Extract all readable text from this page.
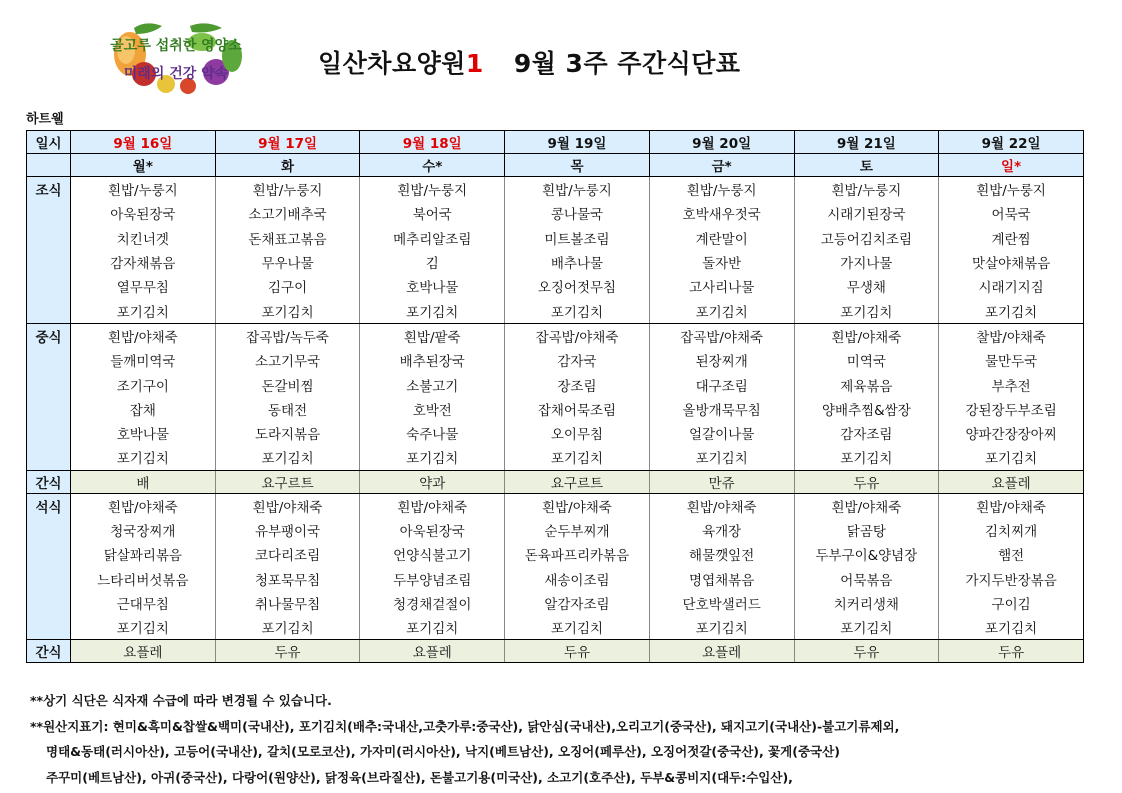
골고루 섭취한 영양소
미래의 건강 약속	일산차요양원1 9월 3주 주간식단표
하트웰
일시	9월 16일	9월 17일	9월 18일	9월 19일	9월 20일	9월 21일	9월 22일
	월*	화	수*	목	금*	토	일*
조식	흰밥/누룽지	흰밥/누룽지	흰밥/누룽지	흰밥/누룽지	흰밥/누룽지	흰밥/누룽지	흰밥/누룽지
	아욱된장국	소고기배추국	북어국	콩나물국	호박새우젓국	시래기된장국	어묵국
	치킨너겟	돈채표고볶음	메추리알조림	미트볼조림	계란말이	고등어김치조림	계란찜
	감자채볶음	무우나물	김	배추나물	돌자반	가지나물	맛살야채볶음
	열무무침	김구이	호박나물	오징어젓무침	고사리나물	무생채	시래기지짐
	포기김치	포기김치	포기김치	포기김치	포기김치	포기김치	포기김치
중식	흰밥/야채죽	잡곡밥/녹두죽	흰밥/팥죽	잡곡밥/야채죽	잡곡밥/야채죽	흰밥/야채죽	찰밥/야채죽
	들깨미역국	소고기무국	배추된장국	감자국	된장찌개	미역국	물만두국
	조기구이	돈갈비찜	소불고기	장조림	대구조림	제육볶음	부추전
	잡채	동태전	호박전	잡채어묵조림	올방개묵무침	양배추찜&쌈장	강된장두부조림
	호박나물	도라지볶음	숙주나물	오이무침	얼갈이나물	감자조림	양파간장장아찌
	포기김치	포기김치	포기김치	포기김치	포기김치	포기김치	포기김치
간식	배	요구르트	약과	요구르트	만쥬	두유	요플레
석식	흰밥/야채죽	흰밥/야채죽	흰밥/야채죽	흰밥/야채죽	흰밥/야채죽	흰밥/야채죽	흰밥/야채죽
	청국장찌개	유부팽이국	아욱된장국	순두부찌개	육개장	닭곰탕	김치찌개
	닭살꽈리볶음	코다리조림	언양식불고기	돈육파프리카볶음	해물깻잎전	두부구이&양념장	햄전
	느타리버섯볶음	청포묵무침	두부양념조림	새송이조림	명엽채볶음	어묵볶음	가지두반장볶음
	근대무침	취나물무침	청경채겉절이	알감자조림	단호박샐러드	치커리생채	구이김
	포기김치	포기김치	포기김치	포기김치	포기김치	포기김치	포기김치
간식	요플레	두유	요플레	두유	요플레	두유	두유
**상기 식단은 식자재 수급에 따라 변경될 수 있습니다.
**원산지표기: 현미&흑미&찹쌀&백미(국내산), 포기김치(배추:국내산,고춧가루:중국산), 닭안심(국내산),오리고기(중국산), 돼지고기(국내산)-불고기류제외,
명태&동태(러시아산), 고등어(국내산), 갈치(모로코산), 가자미(러시아산), 낙지(베트남산), 오징어(페루산), 오징어젓갈(중국산), 꽃게(중국산)
주꾸미(베트남산), 아귀(중국산), 다랑어(원양산), 닭정육(브라질산), 돈불고기용(미국산), 소고기(호주산), 두부&콩비지(대두:수입산),
